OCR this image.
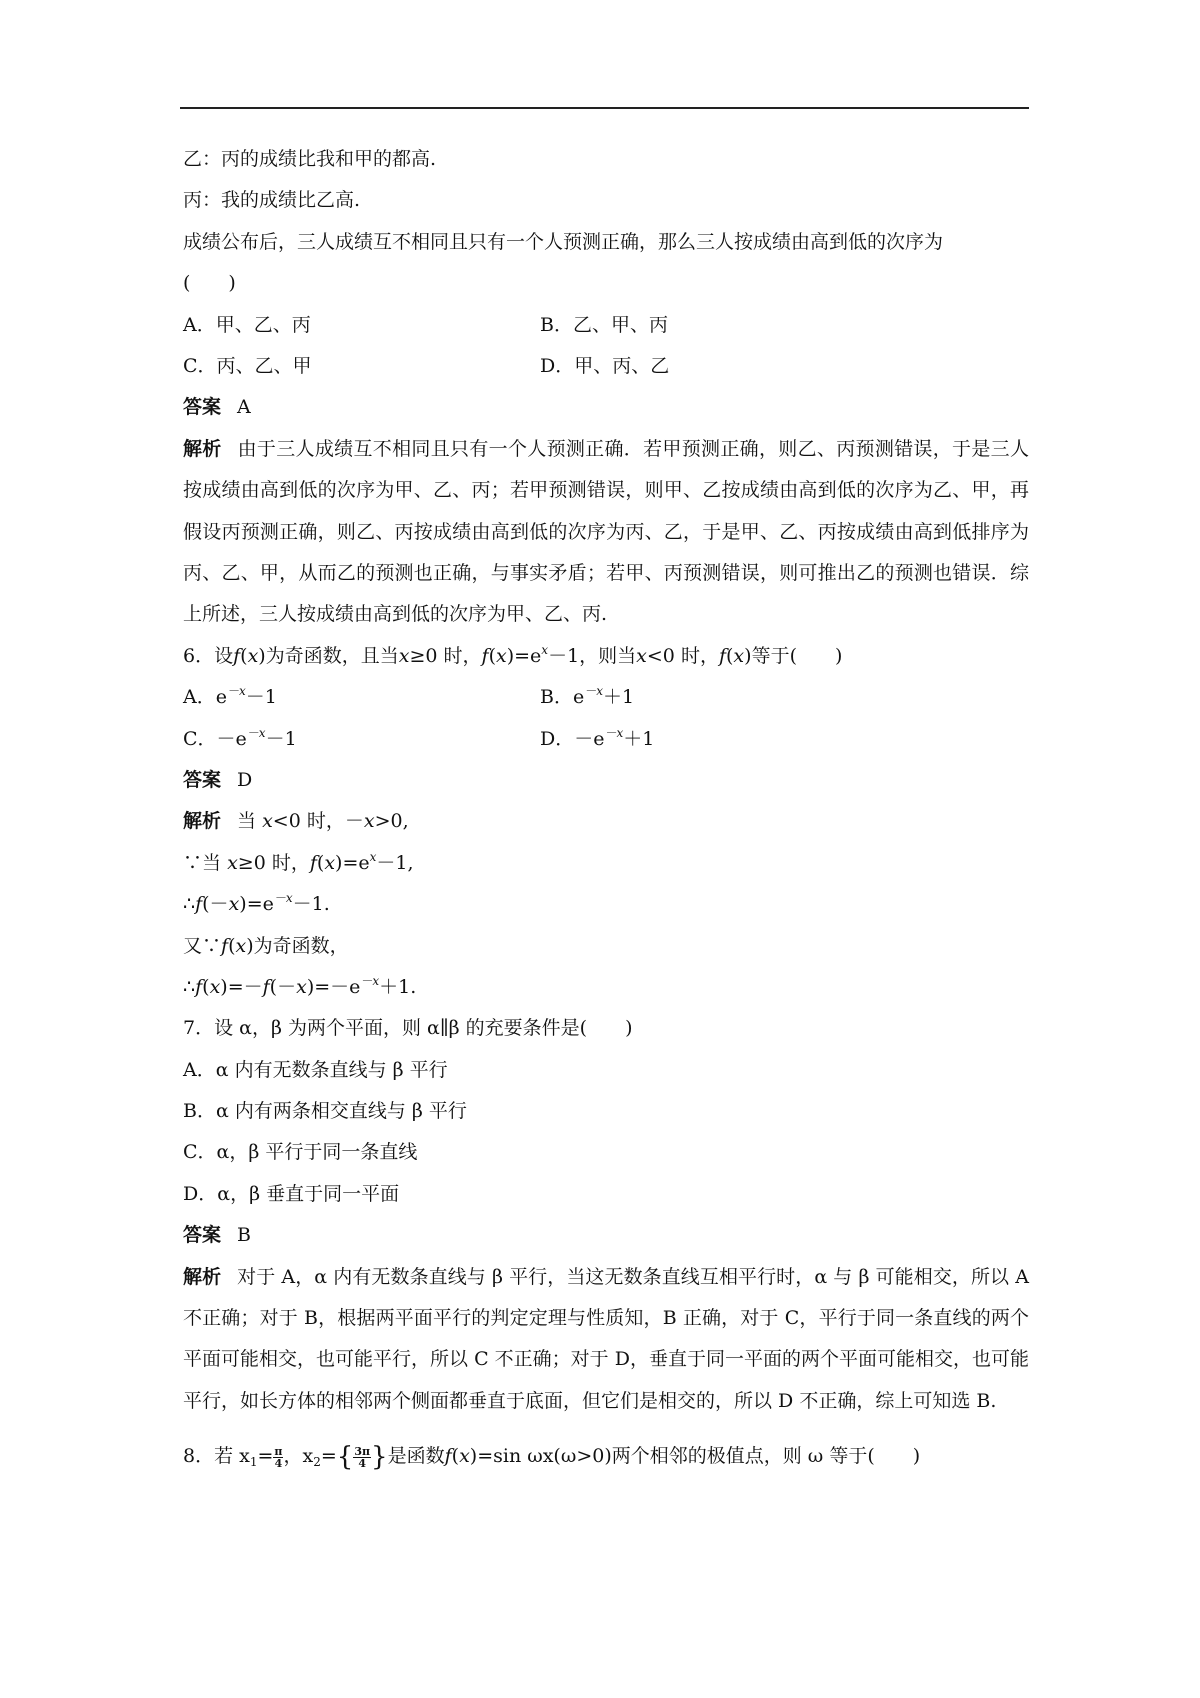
乙：丙的成绩比我和甲的都高.
丙：我的成绩比乙高.
成绩公布后，三人成绩互不相同且只有一个人预测正确，那么三人按成绩由高到低的次序为
(　　)
A．甲、乙、丙	B．乙、甲、丙
C．丙、乙、甲	D．甲、丙、乙
答案 A
解析 由于三人成绩互不相同且只有一个人预测正确．若甲预测正确，则乙、丙预测错误，于是三人按成绩由高到低的次序为甲、乙、丙；若甲预测错误，则甲、乙按成绩由高到低的次序为乙、甲，再假设丙预测正确，则乙、丙按成绩由高到低的次序为丙、乙，于是甲、乙、丙按成绩由高到低排序为丙、乙、甲，从而乙的预测也正确，与事实矛盾；若甲、丙预测错误，则可推出乙的预测也错误．综上所述，三人按成绩由高到低的次序为甲、乙、丙.
6．设f(x)为奇函数，且当x≥0 时，$f(x)=e^x-1$，则当x<0 时，f(x)等于(　　)
A．$e^{-x}-1$	B．$e^{-x}+1$
C．$-e^{-x}-1$	D．$-e^{-x}+1$
答案 D
解析 当 x<0 时，－x>0,
∵当 x≥0 时，$f(x)=e^x-1$,
$\therefore f(-x)=e^{-x}-1$.
又∵f(x)为奇函数，
$\therefore f(x)=-f(-x)=-e^{-x}+1$.
7．设 α，β 为两个平面，则 α∥β 的充要条件是(　　)
A．α 内有无数条直线与 β 平行
B．α 内有两条相交直线与 β 平行
C．α，β 平行于同一条直线
D．α，β 垂直于同一平面
答案 B
解析 对于 A，α 内有无数条直线与 β 平行，当这无数条直线互相平行时，α 与 β 可能相交，所以 A 不正确；对于 B，根据两平面平行的判定定理与性质知，B 正确，对于 C，平行于同一条直线的两个平面可能相交，也可能平行，所以 C 不正确；对于 D，垂直于同一平面的两个平面可能相交，也可能平行，如长方体的相邻两个侧面都垂直于底面，但它们是相交的，所以 D 不正确，综上可知选 B.
8．若 $x_1= \frac{\pi}{4}$ ，$x_2=\{ \frac{3\pi}{4}$ }是函数f(x)=sin ωx(ω>0)两个相邻的极值点，则 ω 等于(　　)
